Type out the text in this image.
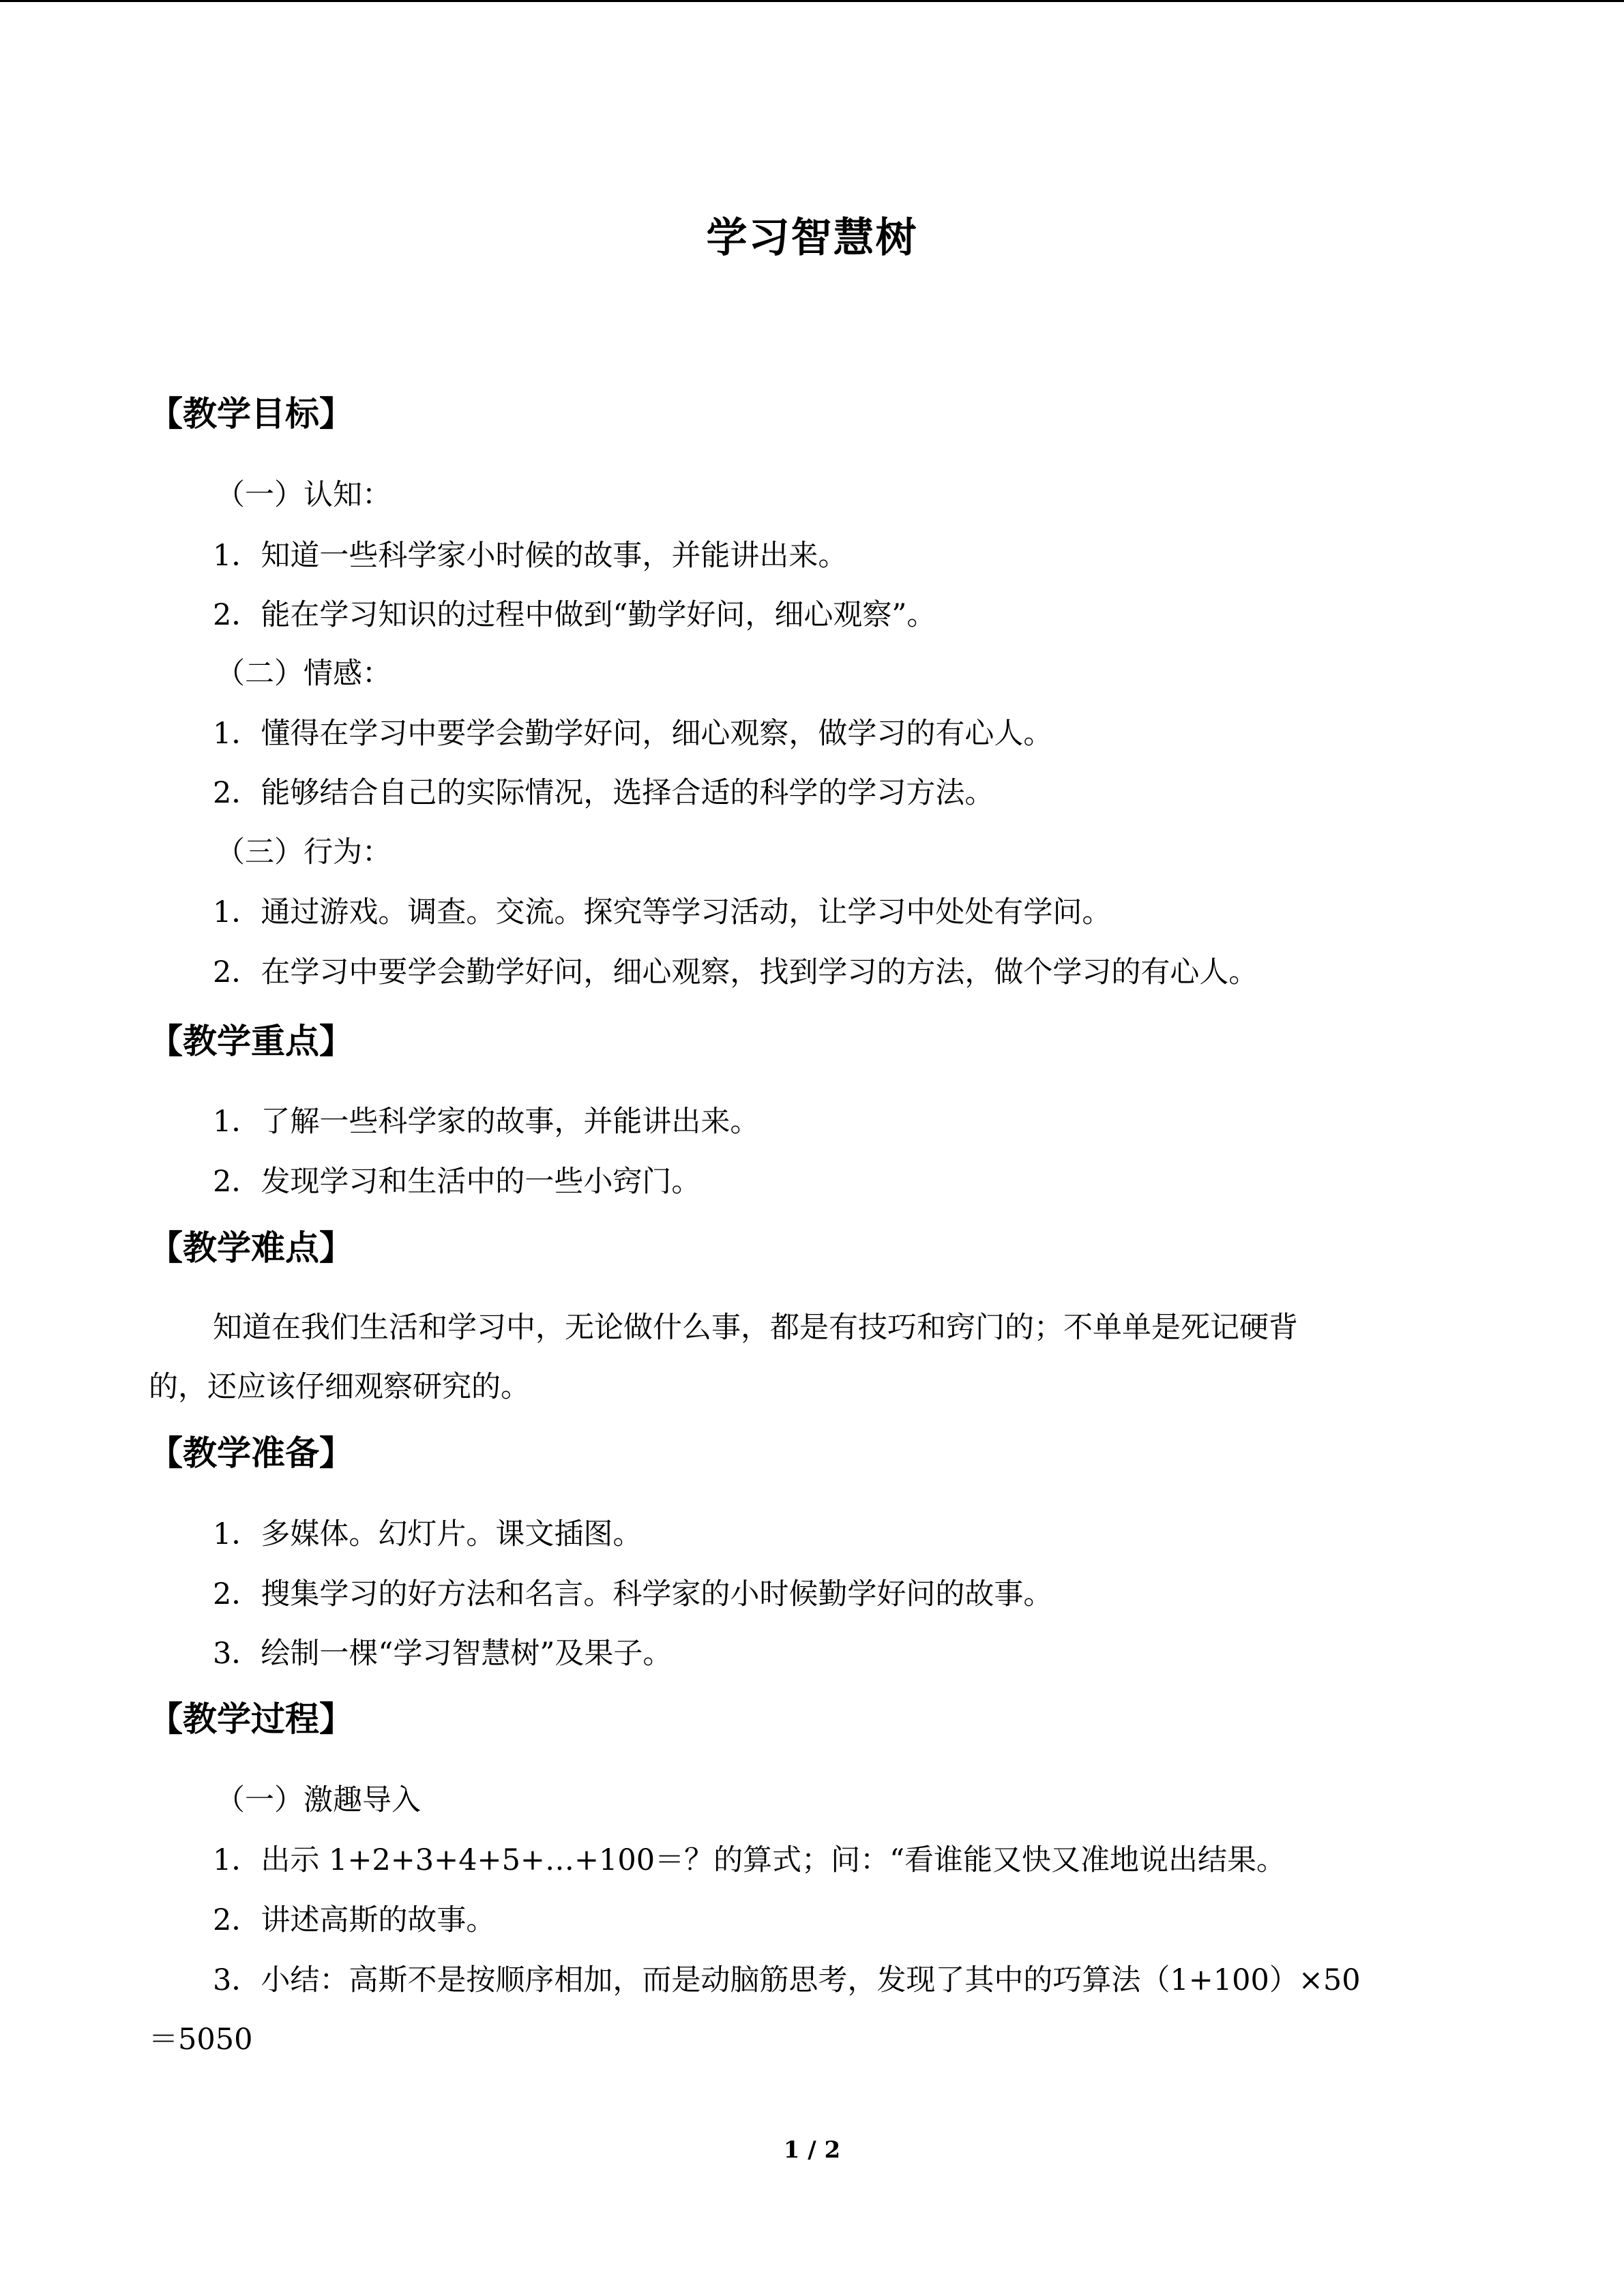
学习智慧树
【教学目标】
（一）认知：
1．知道一些科学家小时候的故事，并能讲出来。
2．能在学习知识的过程中做到“勤学好问，细心观察”。
（二）情感：
1．懂得在学习中要学会勤学好问，细心观察，做学习的有心人。
2．能够结合自己的实际情况，选择合适的科学的学习方法。
（三）行为：
1．通过游戏。调查。交流。探究等学习活动，让学习中处处有学问。
2．在学习中要学会勤学好问，细心观察，找到学习的方法，做个学习的有心人。
【教学重点】
1．了解一些科学家的故事，并能讲出来。
2．发现学习和生活中的一些小窍门。
【教学难点】
知道在我们生活和学习中，无论做什么事，都是有技巧和窍门的；不单单是死记硬背
的，还应该仔细观察研究的。
【教学准备】
1．多媒体。幻灯片。课文插图。
2．搜集学习的好方法和名言。科学家的小时候勤学好问的故事。
3．绘制一棵“学习智慧树”及果子。
【教学过程】
（一）激趣导入
1．出示 1+2+3+4+5+…+100＝？的算式；问：“看谁能又快又准地说出结果。
2．讲述高斯的故事。
3．小结：高斯不是按顺序相加，而是动脑筋思考，发现了其中的巧算法（1+100）×50
＝5050
1 / 2
